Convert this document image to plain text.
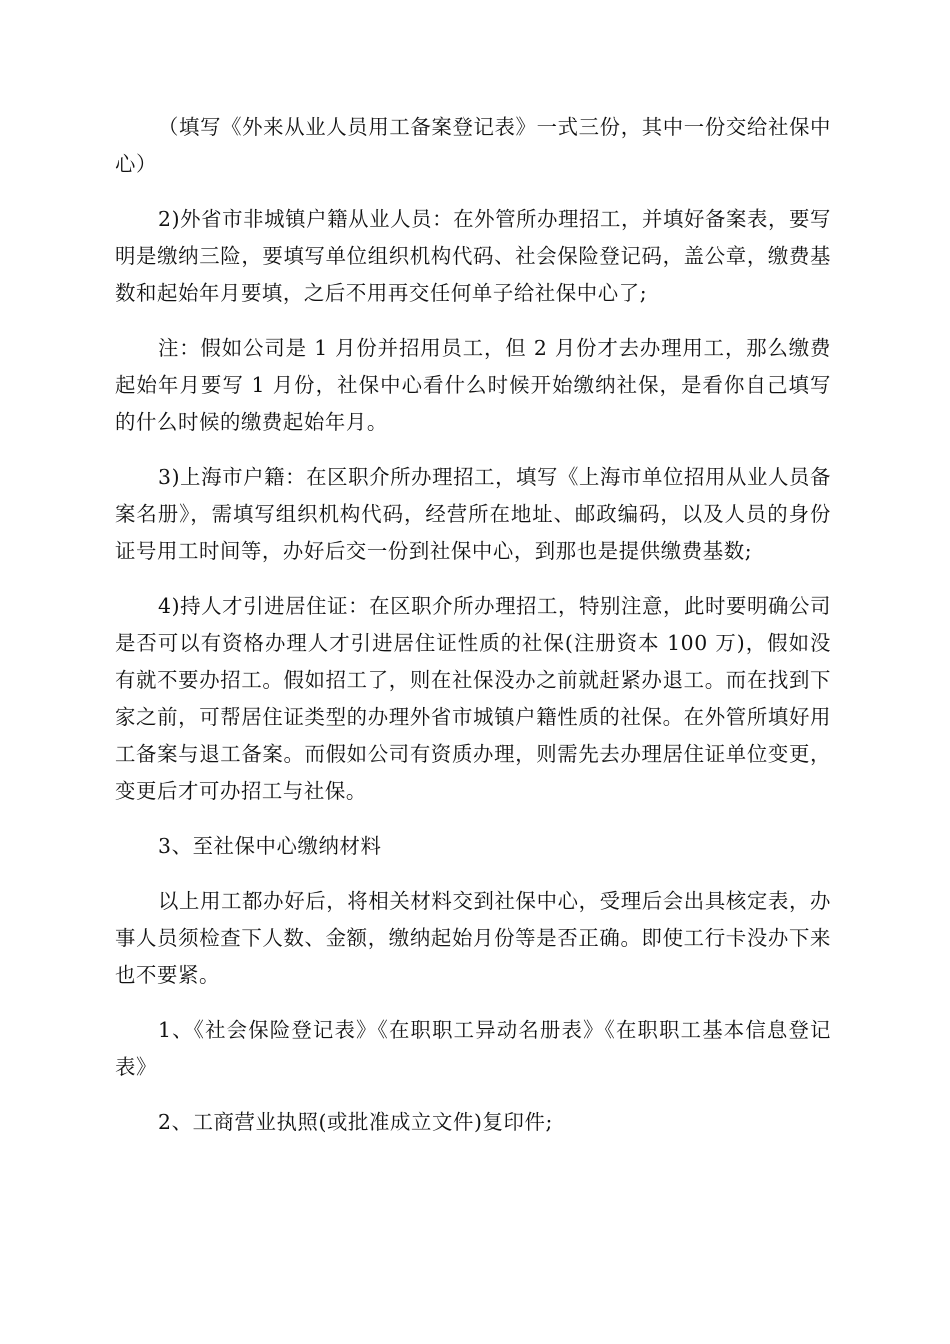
（填写《外来从业人员用工备案登记表》一式三份，其中一份交给社保中心）

2)外省市非城镇户籍从业人员：在外管所办理招工，并填好备案表，要写明是缴纳三险，要填写单位组织机构代码、社会保险登记码，盖公章，缴费基数和起始年月要填，之后不用再交任何单子给社保中心了;

注：假如公司是 1 月份并招用员工，但 2 月份才去办理用工，那么缴费起始年月要写 1 月份，社保中心看什么时候开始缴纳社保，是看你自己填写的什么时候的缴费起始年月。

3)上海市户籍：在区职介所办理招工，填写《上海市单位招用从业人员备案名册》，需填写组织机构代码，经营所在地址、邮政编码，以及人员的身份证号用工时间等，办好后交一份到社保中心，到那也是提供缴费基数;

4)持人才引进居住证：在区职介所办理招工，特别注意，此时要明确公司是否可以有资格办理人才引进居住证性质的社保(注册资本 100 万)，假如没有就不要办招工。假如招工了，则在社保没办之前就赶紧办退工。而在找到下家之前，可帮居住证类型的办理外省市城镇户籍性质的社保。在外管所填好用工备案与退工备案。而假如公司有资质办理，则需先去办理居住证单位变更，变更后才可办招工与社保。

3、至社保中心缴纳材料

以上用工都办好后，将相关材料交到社保中心，受理后会出具核定表，办事人员须检查下人数、金额，缴纳起始月份等是否正确。即使工行卡没办下来也不要紧。

1、《社会保险登记表》《在职职工异动名册表》《在职职工基本信息登记表》

2、工商营业执照(或批准成立文件)复印件;
